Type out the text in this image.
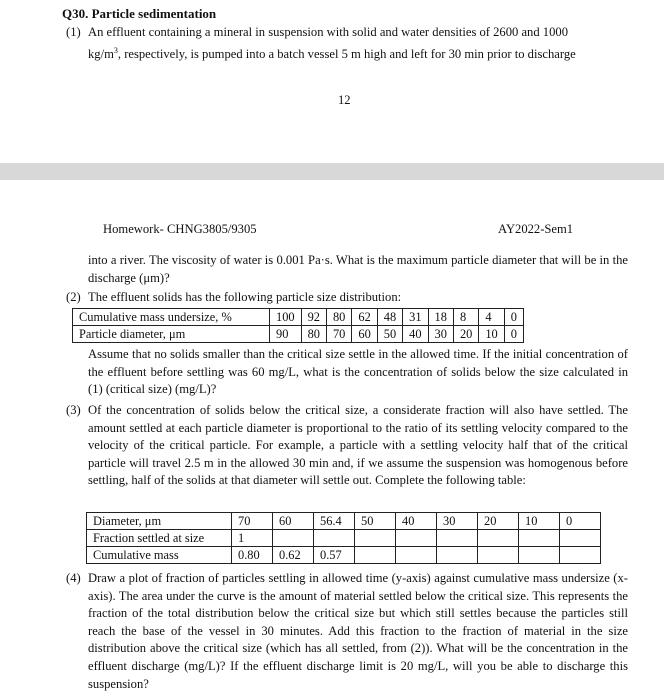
Q30. Particle sedimentation
(1) An effluent containing a mineral in suspension with solid and water densities of 2600 and 1000
$kg/m^3$, respectively, is pumped into a batch vessel 5 m high and left for 30 min prior to discharge
12
Homework- CHNG3805/9305	AY2022-Sem1
into a river. The viscosity of water is 0.001 Pa·s. What is the maximum particle diameter that will be in the discharge (μm)?
(2) The effluent solids has the following particle size distribution:
Cumulative mass undersize, %	100	92	80	62	48	31	18	8	4	0
Particle diameter, μm	90	80	70	60	50	40	30	20	10	0
Assume that no solids smaller than the critical size settle in the allowed time. If the initial concentration of the effluent before settling was 60 mg/L, what is the concentration of solids below the size calculated in (1) (critical size) (mg/L)?
(3) Of the concentration of solids below the critical size, a considerate fraction will also have settled. The amount settled at each particle diameter is proportional to the ratio of its settling velocity compared to the velocity of the critical particle. For example, a particle with a settling velocity half that of the critical particle will travel 2.5 m in the allowed 30 min and, if we assume the suspension was homogenous before settling, half of the solids at that diameter will settle out. Complete the following table:
Diameter, μm	70	60	56.4	50	40	30	20	10	0
Fraction settled at size	1								
Cumulative mass	0.80	0.62	0.57						
(4) Draw a plot of fraction of particles settling in allowed time (y-axis) against cumulative mass undersize (x-axis). The area under the curve is the amount of material settled below the critical size. This represents the fraction of the total distribution below the critical size but which still settles because the particles still reach the base of the vessel in 30 minutes. Add this fraction to the fraction of material in the size distribution above the critical size (which has all settled, from (2)). What will be the concentration in the effluent discharge (mg/L)? If the effluent discharge limit is 20 mg/L, will you be able to discharge this suspension?
